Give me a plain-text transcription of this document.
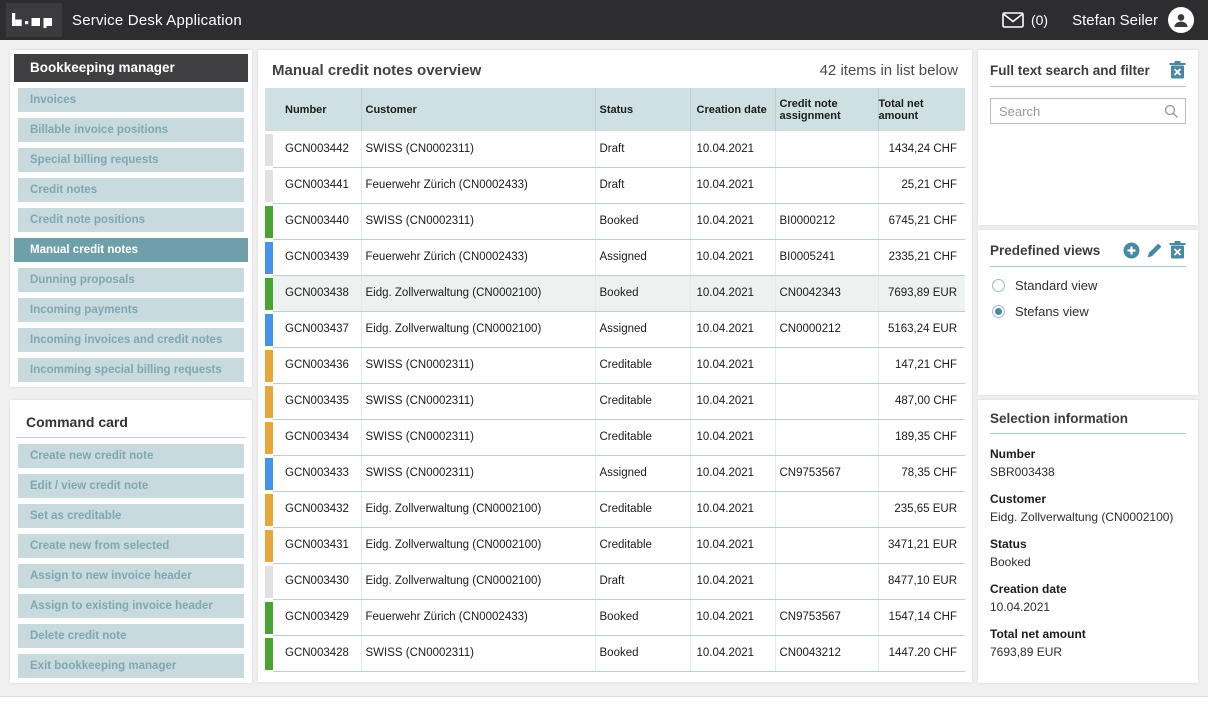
Service Desk Application	(0) Stefan Seiler
Bookkeeping manager
Invoices
Billable invoice positions
Special billing requests
Credit notes
Credit note positions
Manual credit notes
Dunning proposals
Incoming payments
Incoming invoices and credit notes
Incomming special billing requests
Command card
Create new credit note
Edit / view credit note
Set as creditable
Create new from selected
Assign to new invoice header
Assign to existing invoice header
Delete credit note
Exit bookkeeping manager
Manual credit notes overview	42 items in list below
	Number	Customer	Status	Creation date	Credit note assignment	Total net amount

	GCN003442	SWISS (CN0002311)	Draft	10.04.2021		1434,24 CHF

	GCN003441	Feuerwehr Zürich (CN0002433)	Draft	10.04.2021		25,21 CHF

	GCN003440	SWISS (CN0002311)	Booked	10.04.2021	BI0000212	6745,21 CHF

	GCN003439	Feuerwehr Zürich (CN0002433)	Assigned	10.04.2021	BI0005241	2335,21 CHF

	GCN003438	Eidg. Zollverwaltung (CN0002100)	Booked	10.04.2021	CN0042343	7693,89 EUR

	GCN003437	Eidg. Zollverwaltung (CN0002100)	Assigned	10.04.2021	CN0000212	5163,24 EUR

	GCN003436	SWISS (CN0002311)	Creditable	10.04.2021		147,21 CHF

	GCN003435	SWISS (CN0002311)	Creditable	10.04.2021		487,00 CHF

	GCN003434	SWISS (CN0002311)	Creditable	10.04.2021		189,35 CHF

	GCN003433	SWISS (CN0002311)	Assigned	10.04.2021	CN9753567	78,35 CHF

	GCN003432	Eidg. Zollverwaltung (CN0002100)	Creditable	10.04.2021		235,65 EUR

	GCN003431	Eidg. Zollverwaltung (CN0002100)	Creditable	10.04.2021		3471,21 EUR

	GCN003430	Eidg. Zollverwaltung (CN0002100)	Draft	10.04.2021		8477,10 EUR

	GCN003429	Feuerwehr Zürich (CN0002433)	Booked	10.04.2021	CN9753567	1547,14 CHF

	GCN003428	SWISS (CN0002311)	Booked	10.04.2021	CN0043212	1447.20 CHF
Full text search and filter
Search
Predefined views
Standard view
Stefans view
Selection information
Number
SBR003438
Customer
Eidg. Zollverwaltung (CN0002100)
Status
Booked
Creation date
10.04.2021
Total net amount
7693,89 EUR
